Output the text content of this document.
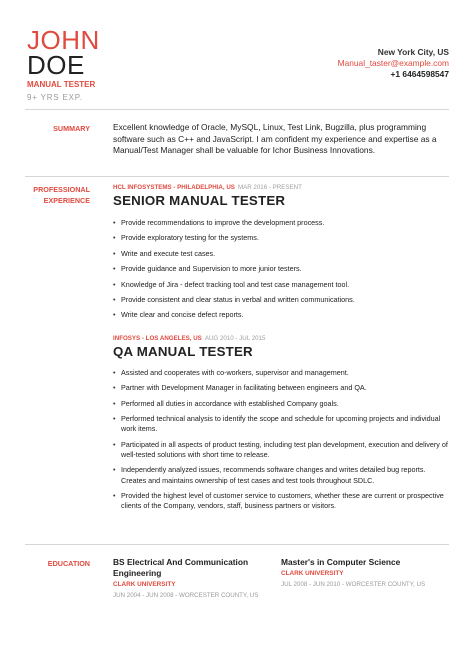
JOHN
DOE
MANUAL TESTER
9+ YRS EXP.
New York City, US
Manual_taster@example.com
+1 6464598547
SUMMARY	Excellent knowledge of Oracle, MySQL, Linux, Test Link, Bugzilla, plus programming software such as C++ and JavaScript. I am confident my experience and expertise as a Manual/Test Manager shall be valuable for Ichor Business Innovations.
PROFESSIONAL
EXPERIENCE
HCL INFOSYSTEMS - PHILADELPHIA, US MAR 2016 - PRESENT
SENIOR MANUAL TESTER
• Provide recommendations to improve the development process.
• Provide exploratory testing for the systems.
• Write and execute test cases.
• Provide guidance and Supervision to more junior testers.
• Knowledge of Jira - defect tracking tool and test case management tool.
• Provide consistent and clear status in verbal and written communications.
• Write clear and concise defect reports.
INFOSYS - LOS ANGELES, US AUG 2010 - JUL 2015
QA MANUAL TESTER
• Assisted and cooperates with co-workers, supervisor and management.
• Partner with Development Manager in facilitating between engineers and QA.
• Performed all duties in accordance with established Company goals.
• Performed technical analysis to identify the scope and schedule for upcoming projects and individual work items.
• Participated in all aspects of product testing, including test plan development, execution and delivery of well-tested solutions with short time to release.
• Independently analyzed issues, recommends software changes and writes detailed bug reports. Creates and maintains ownership of test cases and test tools throughout SDLC.
• Provided the highest level of customer service to customers, whether these are current or prospective clients of the Company, vendors, staff, business partners or visitors.
EDUCATION	BS Electrical And Communication Engineering
CLARK UNIVERSITY
JUN 2004 - JUN 2008 - WORCESTER COUNTY, US
Master's in Computer Science
CLARK UNIVERSITY
JUL 2008 - JUN 2010 - WORCESTER COUNTY, US
